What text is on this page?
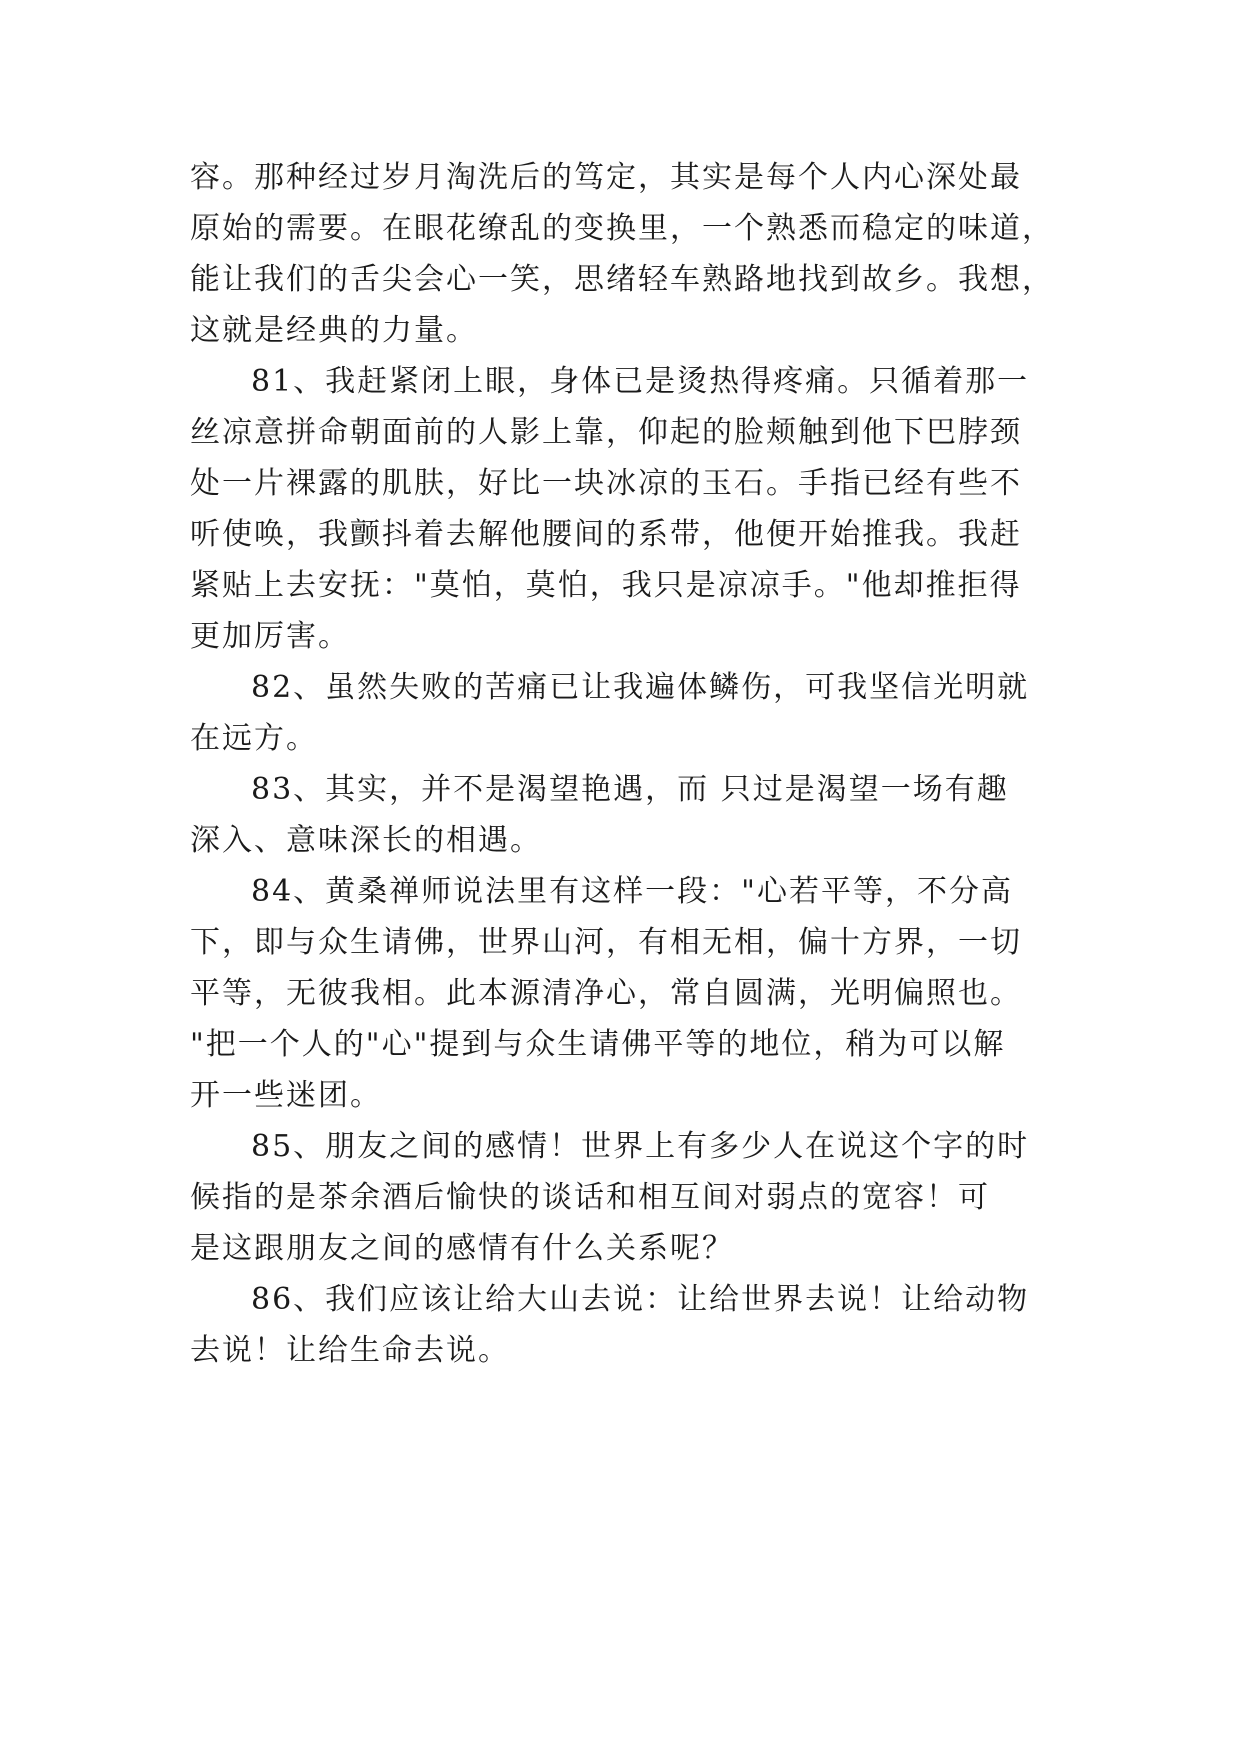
容。那种经过岁月淘洗后的笃定，其实是每个人内心深处最
原始的需要。在眼花缭乱的变换里，一个熟悉而稳定的味道，
能让我们的舌尖会心一笑，思绪轻车熟路地找到故乡。我想，
这就是经典的力量。
81、我赶紧闭上眼，身体已是烫热得疼痛。只循着那一
丝凉意拼命朝面前的人影上靠，仰起的脸颊触到他下巴脖颈
处一片裸露的肌肤，好比一块冰凉的玉石。手指已经有些不
听使唤，我颤抖着去解他腰间的系带，他便开始推我。我赶
紧贴上去安抚："莫怕，莫怕，我只是凉凉手。"他却推拒得
更加厉害。
82、虽然失败的苦痛已让我遍体鳞伤，可我坚信光明就
在远方。
83、其实，并不是渴望艳遇，而 只过是渴望一场有趣
深入、意味深长的相遇。
84、黄桑禅师说法里有这样一段："心若平等，不分高
下，即与众生请佛，世界山河，有相无相，偏十方界，一切
平等，无彼我相。此本源清净心，常自圆满，光明偏照也。
"把一个人的"心"提到与众生请佛平等的地位，稍为可以解
开一些迷团。
85、朋友之间的感情！世界上有多少人在说这个字的时
候指的是茶余酒后愉快的谈话和相互间对弱点的宽容！可
是这跟朋友之间的感情有什么关系呢？
86、我们应该让给大山去说：让给世界去说！让给动物
去说！让给生命去说。
